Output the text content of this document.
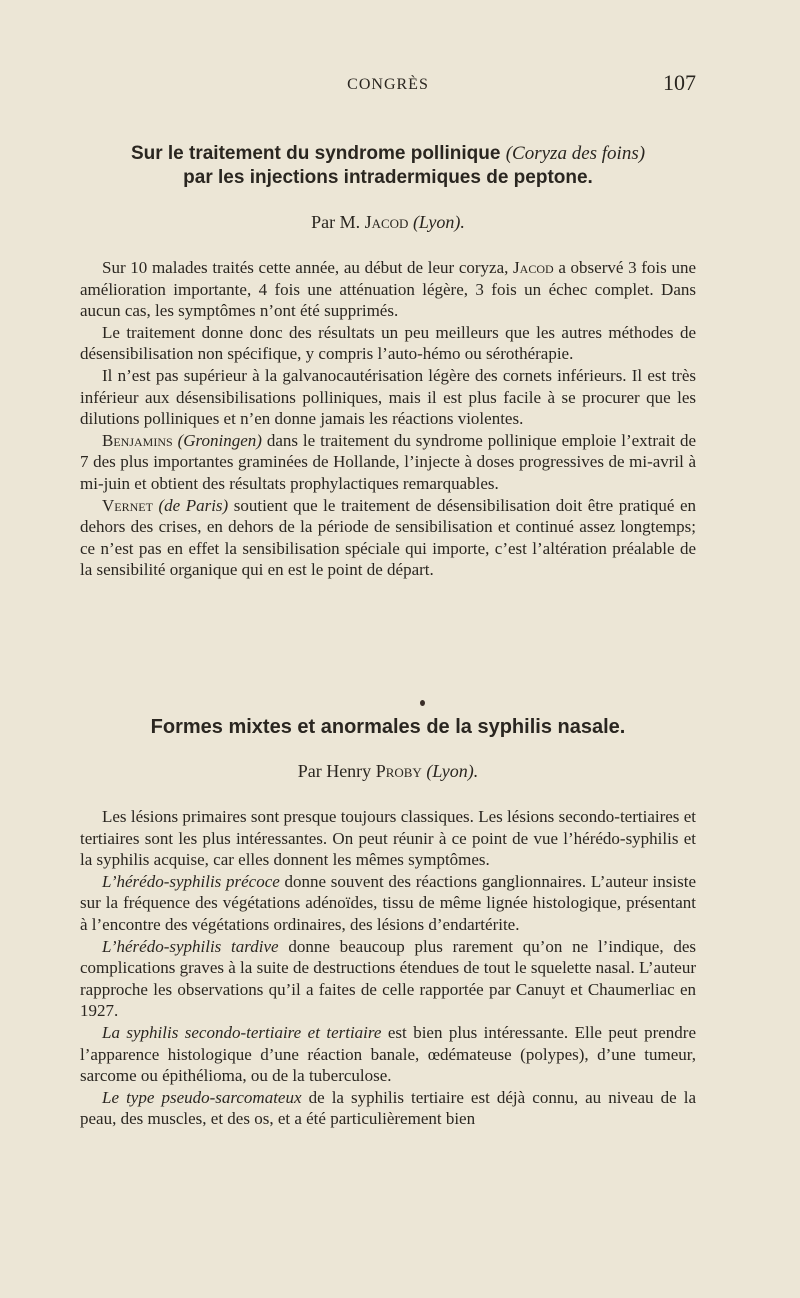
CONGRÈS	107

Sur le traitement du syndrome pollinique (Coryza des foins)
par les injections intradermiques de peptone.

Par M. Jacod (Lyon).

Sur 10 malades traités cette année, au début de leur coryza, Jacod a observé 3 fois une amélioration importante, 4 fois une atténuation légère, 3 fois un échec complet. Dans aucun cas, les symptômes n’ont été supprimés.

Le traitement donne donc des résultats un peu meilleurs que les autres méthodes de désensibilisation non spécifique, y compris l’auto-hémo ou sérothérapie.

Il n’est pas supérieur à la galvanocautérisation légère des cornets inférieurs. Il est très inférieur aux désensibilisations polliniques, mais il est plus facile à se procurer que les dilutions polliniques et n’en donne jamais les réactions violentes.

Benjamins (Groningen) dans le traitement du syndrome pollinique emploie l’extrait de 7 des plus importantes graminées de Hollande, l’injecte à doses progressives de mi-avril à mi-juin et obtient des résultats prophylactiques remarquables.

Vernet (de Paris) soutient que le traitement de désensibilisation doit être pratiqué en dehors des crises, en dehors de la période de sensibilisation et continué assez longtemps; ce n’est pas en effet la sensibilisation spéciale qui importe, c’est l’altération préalable de la sensibilité organique qui en est le point de départ.

Formes mixtes et anormales de la syphilis nasale.

Par Henry Proby (Lyon).

Les lésions primaires sont presque toujours classiques. Les lésions secondo-tertiaires et tertiaires sont les plus intéressantes. On peut réunir à ce point de vue l’hérédo-syphilis et la syphilis acquise, car elles donnent les mêmes symptômes.

L’hérédo-syphilis précoce donne souvent des réactions ganglionnaires. L’auteur insiste sur la fréquence des végétations adénoïdes, tissu de même lignée histologique, présentant à l’encontre des végétations ordinaires, des lésions d’endartérite.

L’hérédo-syphilis tardive donne beaucoup plus rarement qu’on ne l’indique, des complications graves à la suite de destructions étendues de tout le squelette nasal. L’auteur rapproche les observations qu’il a faites de celle rapportée par Canuyt et Chaumerliac en 1927.

La syphilis secondo-tertiaire et tertiaire est bien plus intéressante. Elle peut prendre l’apparence histologique d’une réaction banale, œdémateuse (polypes), d’une tumeur, sarcome ou épithélioma, ou de la tuberculose.

Le type pseudo-sarcomateux de la syphilis tertiaire est déjà connu, au niveau de la peau, des muscles, et des os, et a été particulièrement bien
